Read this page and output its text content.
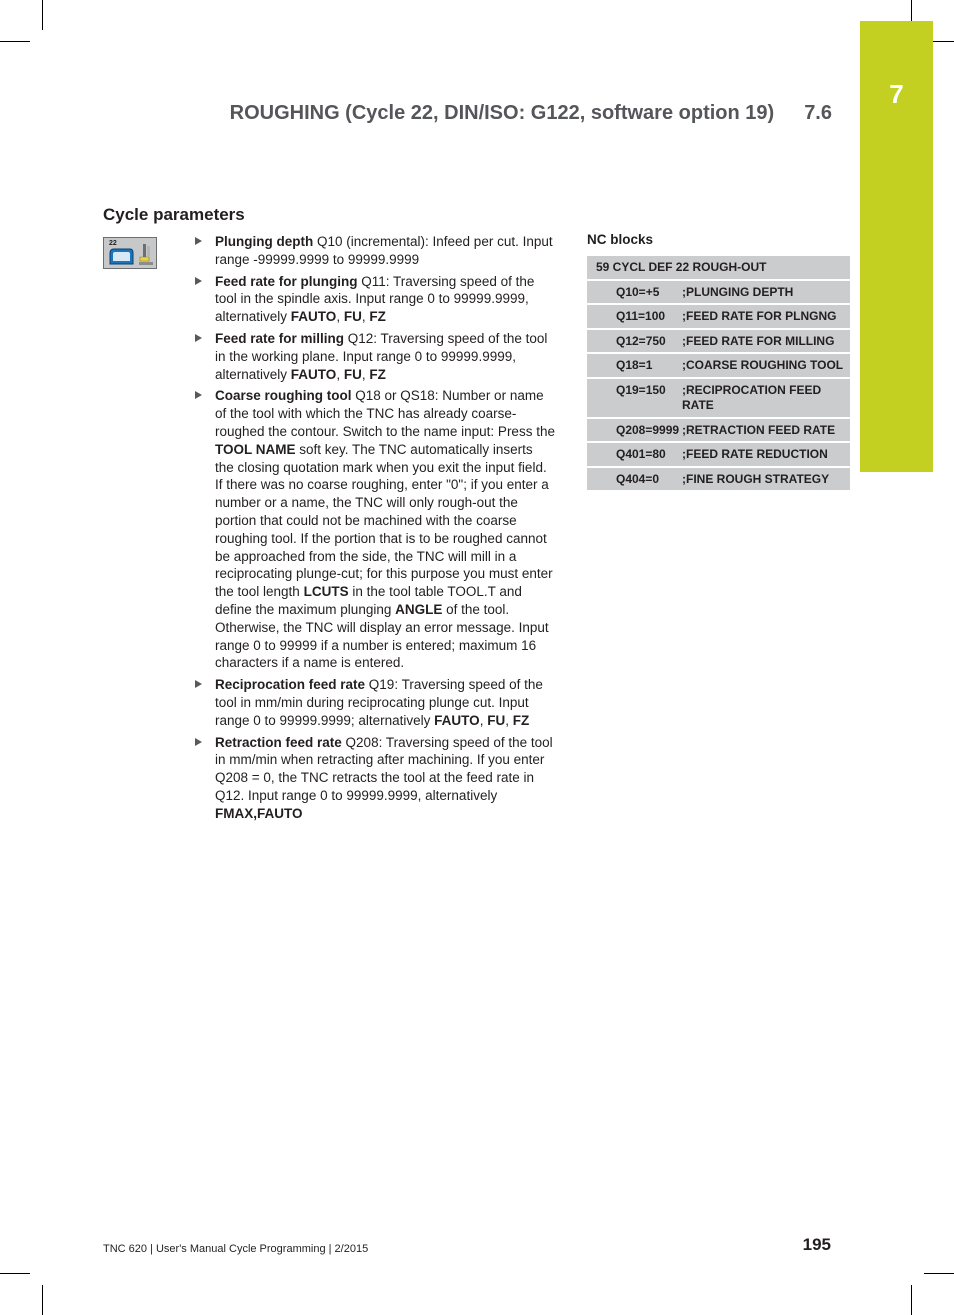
7
ROUGHING (Cycle 22, DIN/ISO: G122, software option 19) 7.6
Cycle parameters
22	Plunging depth Q10 (incremental): Infeed per cut. Input range -99999.9999 to 99999.9999
Feed rate for plunging Q11: Traversing speed of the tool in the spindle axis. Input range 0 to 99999.9999, alternatively FAUTO, FU, FZ
Feed rate for milling Q12: Traversing speed of the tool in the working plane. Input range 0 to 99999.9999, alternatively FAUTO, FU, FZ
Coarse roughing tool Q18 or QS18: Number or name of the tool with which the TNC has already coarse-roughed the contour. Switch to the name input: Press the TOOL NAME soft key. The TNC automatically inserts the closing quotation mark when you exit the input field. If there was no coarse roughing, enter "0"; if you enter a number or a name, the TNC will only rough-out the portion that could not be machined with the coarse roughing tool. If the portion that is to be roughed cannot be approached from the side, the TNC will mill in a reciprocating plunge-cut; for this purpose you must enter the tool length LCUTS in the tool table TOOL.T and define the maximum plunging ANGLE of the tool. Otherwise, the TNC will display an error message. Input range 0 to 99999 if a number is entered; maximum 16 characters if a name is entered.
Reciprocation feed rate Q19: Traversing speed of the tool in mm/min during reciprocating plunge cut. Input range 0 to 99999.9999; alternatively FAUTO, FU, FZ
Retraction feed rate Q208: Traversing speed of the tool in mm/min when retracting after machining. If you enter Q208 = 0, the TNC retracts the tool at the feed rate in Q12. Input range 0 to 99999.9999, alternatively FMAX,FAUTO
NC blocks
59 CYCL DEF 22 ROUGH-OUT	
Q10=+5	;PLUNGING DEPTH
Q11=100	;FEED RATE FOR PLNGNG
Q12=750	;FEED RATE FOR MILLING
Q18=1	;COARSE ROUGHING TOOL
Q19=150	;RECIPROCATION FEED RATE
Q208=9999	;RETRACTION FEED RATE
Q401=80	;FEED RATE REDUCTION
Q404=0	;FINE ROUGH STRATEGY
TNC 620 | User's Manual Cycle Programming | 2/2015	195
